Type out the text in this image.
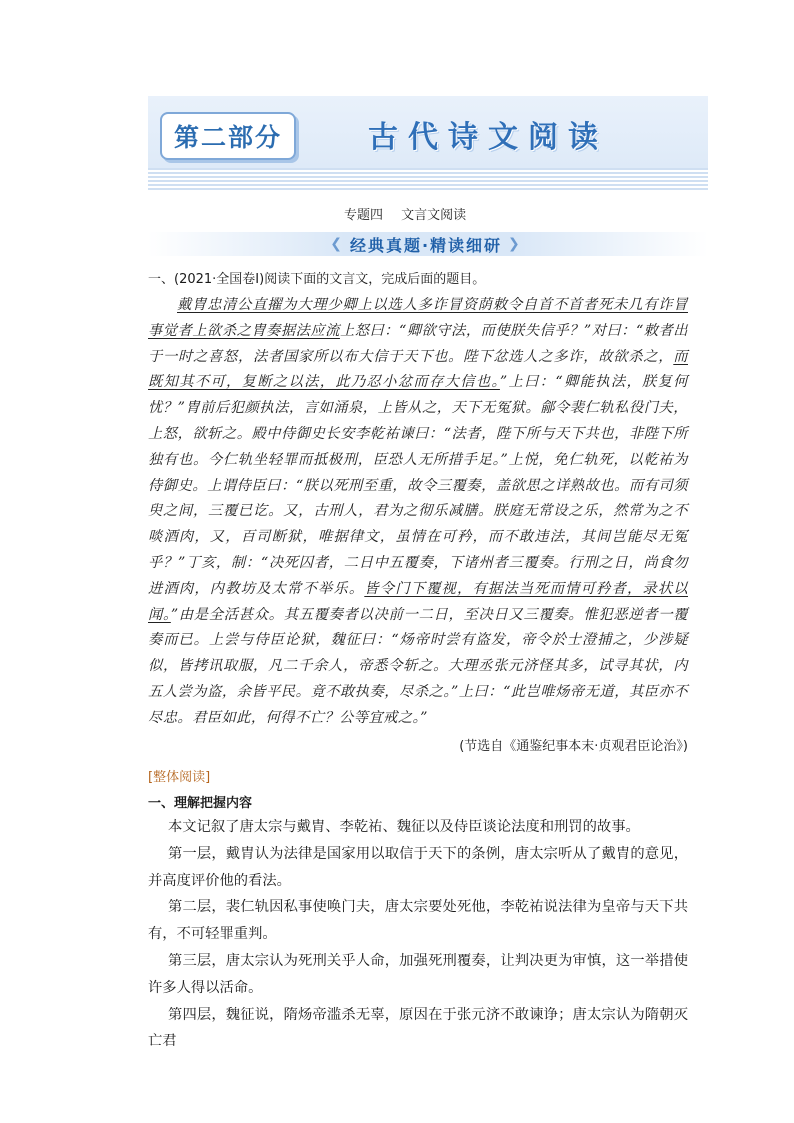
第二部分	古代诗文阅读
专题四 文言文阅读
❮ 经典真题·精读细研 ❯
一、(2021·全国卷Ⅰ)阅读下面的文言文，完成后面的题目。

戴胄忠清公直擢为大理少卿上以选人多诈冒资荫敕令自首不首者死未几有诈冒事觉者上欲杀之胄奏据法应流上怒曰：“卿欲守法，而使朕失信乎？”对曰：“敕者出于一时之喜怒，法者国家所以布大信于天下也。陛下忿选人之多诈，故欲杀之，而既知其不可，复断之以法，此乃忍小忿而存大信也。”上曰：“卿能执法，朕复何忧？”胄前后犯颜执法，言如涌泉，上皆从之，天下无冤狱。鄃令裴仁轨私役门夫，上怒，欲斩之。殿中侍御史长安李乾祐谏曰：“法者，陛下所与天下共也，非陛下所独有也。今仁轨坐轻罪而抵极刑，臣恐人无所措手足。”上悦，免仁轨死，以乾祐为侍御史。上谓侍臣曰：“朕以死刑至重，故令三覆奏，盖欲思之详熟故也。而有司须臾之间，三覆已讫。又，古刑人，君为之彻乐减膳。朕庭无常设之乐，然常为之不啖酒肉，又，百司断狱，唯据律文，虽情在可矜，而不敢违法，其间岂能尽无冤乎？”丁亥，制：“决死囚者，二日中五覆奏，下诸州者三覆奏。行刑之日，尚食勿进酒肉，内教坊及太常不举乐。皆令门下覆视，有据法当死而情可矜者，录状以闻。”由是全活甚众。其五覆奏者以决前一二日，至决日又三覆奏。惟犯恶逆者一覆奏而已。上尝与侍臣论狱，魏征曰：“炀帝时尝有盗发，帝令於士澄捕之，少涉疑似，皆拷讯取服，凡二千余人，帝悉令斩之。大理丞张元济怪其多，试寻其状，内五人尝为盗，余皆平民。竟不敢执奏，尽杀之。”上曰：“此岂唯炀帝无道，其臣亦不尽忠。君臣如此，何得不亡？公等宜戒之。”

(节选自《通鉴纪事本末·贞观君臣论治》)
[整体阅读]
一、理解把握内容

本文记叙了唐太宗与戴胄、李乾祐、魏征以及侍臣谈论法度和刑罚的故事。

第一层，戴胄认为法律是国家用以取信于天下的条例，唐太宗听从了戴胄的意见，并高度评价他的看法。

第二层，裴仁轨因私事使唤门夫，唐太宗要处死他，李乾祐说法律为皇帝与天下共有，不可轻罪重判。

第三层，唐太宗认为死刑关乎人命，加强死刑覆奏，让判决更为审慎，这一举措使许多人得以活命。

第四层，魏征说，隋炀帝滥杀无辜，原因在于张元济不敢谏诤；唐太宗认为隋朝灭亡君
